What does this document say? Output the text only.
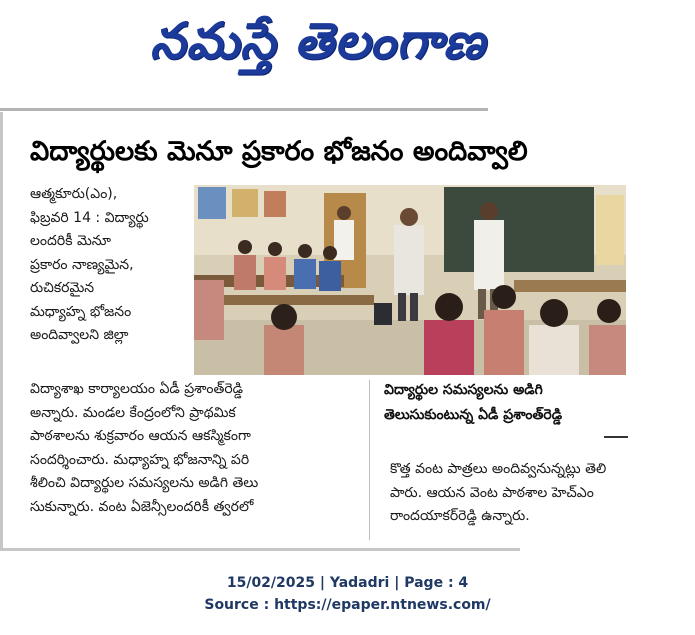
నమస్తే తెలంగాణ
విద్యార్థులకు మెనూ ప్రకారం భోజనం అందివ్వాలి
ఆత్మకూరు(ఎం),
ఫిబ్రవరి 14 : విద్యార్థు
లందరికీ మెనూ
ప్రకారం నాణ్యమైన,
రుచికరమైన
మధ్యాహ్న భోజనం
అందివ్వాలని జిల్లా
విద్యాశాఖ కార్యాలయం ఏడీ ప్రశాంత్‌రెడ్డి
అన్నారు. మండల కేంద్రంలోని ప్రాథమిక
పాఠశాలను శుక్రవారం ఆయన ఆకస్మికంగా
సందర్శించారు. మధ్యాహ్న భోజనాన్ని పరి
శీలించి విద్యార్థుల సమస్యలను అడిగి తెలు
సుకున్నారు. వంట ఏజెన్సీలందరికీ త్వరలో
విద్యార్థుల సమస్యలను అడిగి
తెలుసుకుంటున్న ఏడీ ప్రశాంత్‌రెడ్డి
కొత్త వంట పాత్రలు అందివ్వనున్నట్లు తెలి
పారు. ఆయన వెంట పాఠశాల హెచ్‌ఎం
రాందయాకర్‌రెడ్డి ఉన్నారు.
15/02/2025 | Yadadri | Page : 4
Source : https://epaper.ntnews.com/
